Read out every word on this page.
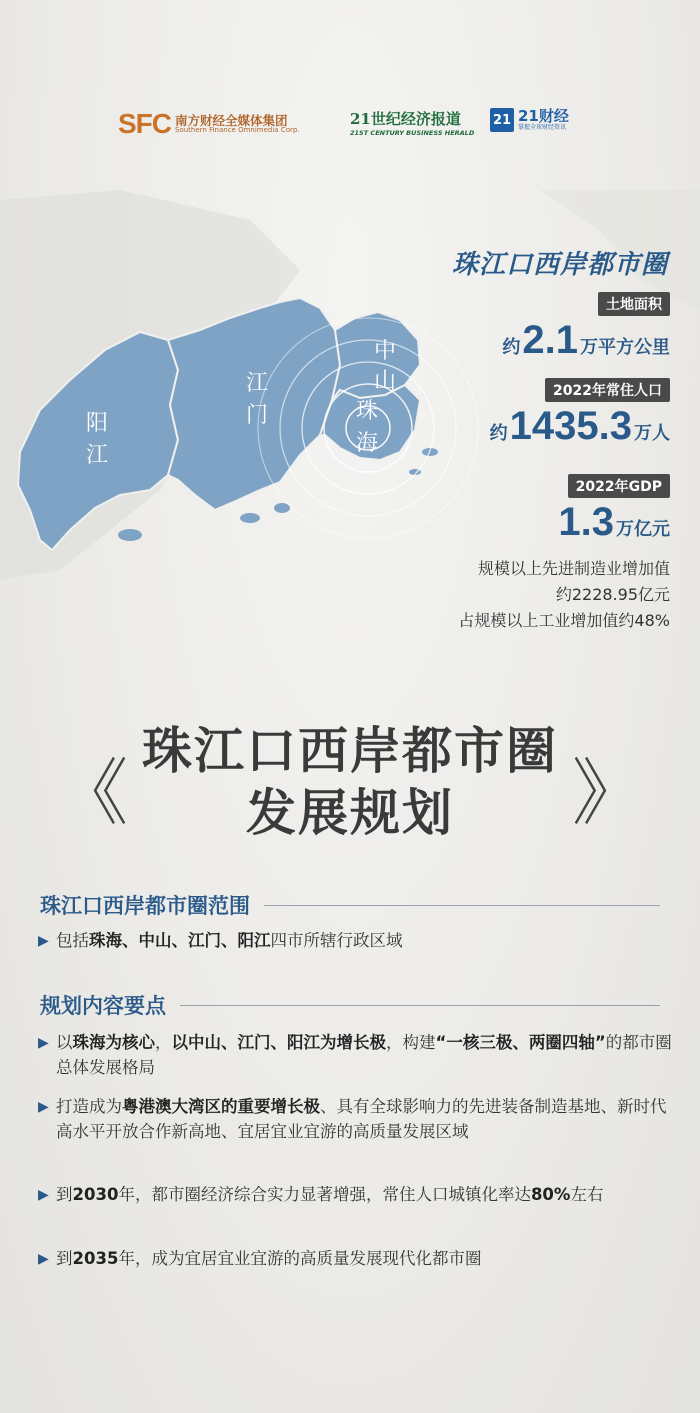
SFC 南方财经全媒体集团
Southern Finance Omnimedia Corp.
21世纪经济报道
21ST CENTURY BUSINESS HERALD
21 21财经
掌握全球财经资讯
阳
江
江
门
中
山
珠
海
珠江口西岸都市圈
土地面积
约 2.1 万平方公里
2022年常住人口
约 1435.3 万人
2022年GDP
1.3 万亿元
规模以上先进制造业增加值
约2228.95亿元
占规模以上工业增加值约48%
《	》
珠江口西岸都市圈
发展规划
珠江口西岸都市圈范围
▶ 包括珠海、中山、江门、阳江四市所辖行政区域
规划内容要点
▶ 以珠海为核心，以中山、江门、阳江为增长极，构建“一核三极、两圈四轴”的都市圈总体发展格局
▶ 打造成为粤港澳大湾区的重要增长极、具有全球影响力的先进装备制造基地、新时代高水平开放合作新高地、宜居宜业宜游的高质量发展区域
▶ 到2030年，都市圈经济综合实力显著增强，常住人口城镇化率达80%左右
▶ 到2035年，成为宜居宜业宜游的高质量发展现代化都市圈
